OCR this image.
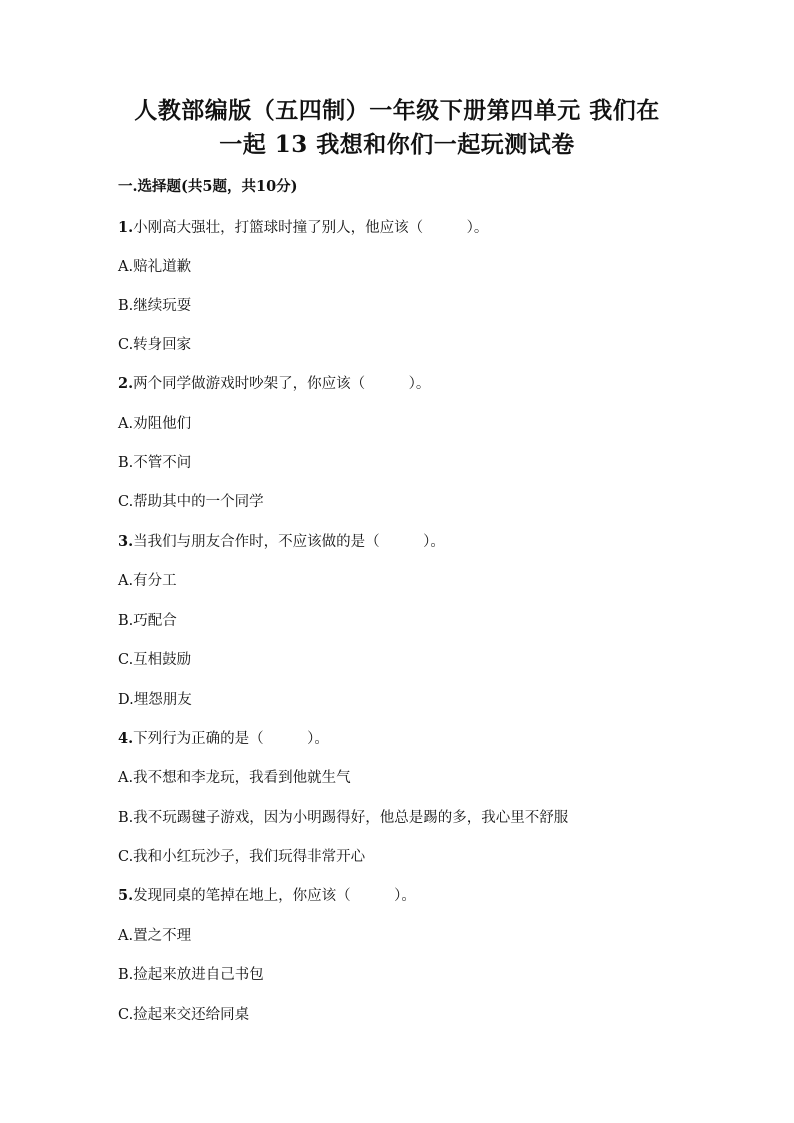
人教部编版（五四制）一年级下册第四单元 我们在
一起 13 我想和你们一起玩测试卷
一.选择题(共5题，共10分)
1.小刚高大强壮，打篮球时撞了别人，他应该（　　　）。
A.赔礼道歉
B.继续玩耍
C.转身回家
2.两个同学做游戏时吵架了，你应该（　　　）。
A.劝阻他们
B.不管不问
C.帮助其中的一个同学
3.当我们与朋友合作时，不应该做的是（　　　）。
A.有分工
B.巧配合
C.互相鼓励
D.埋怨朋友
4.下列行为正确的是（　　　）。
A.我不想和李龙玩，我看到他就生气
B.我不玩踢毽子游戏，因为小明踢得好，他总是踢的多，我心里不舒服
C.我和小红玩沙子，我们玩得非常开心
5.发现同桌的笔掉在地上，你应该（　　　）。
A.置之不理
B.捡起来放进自己书包
C.捡起来交还给同桌
